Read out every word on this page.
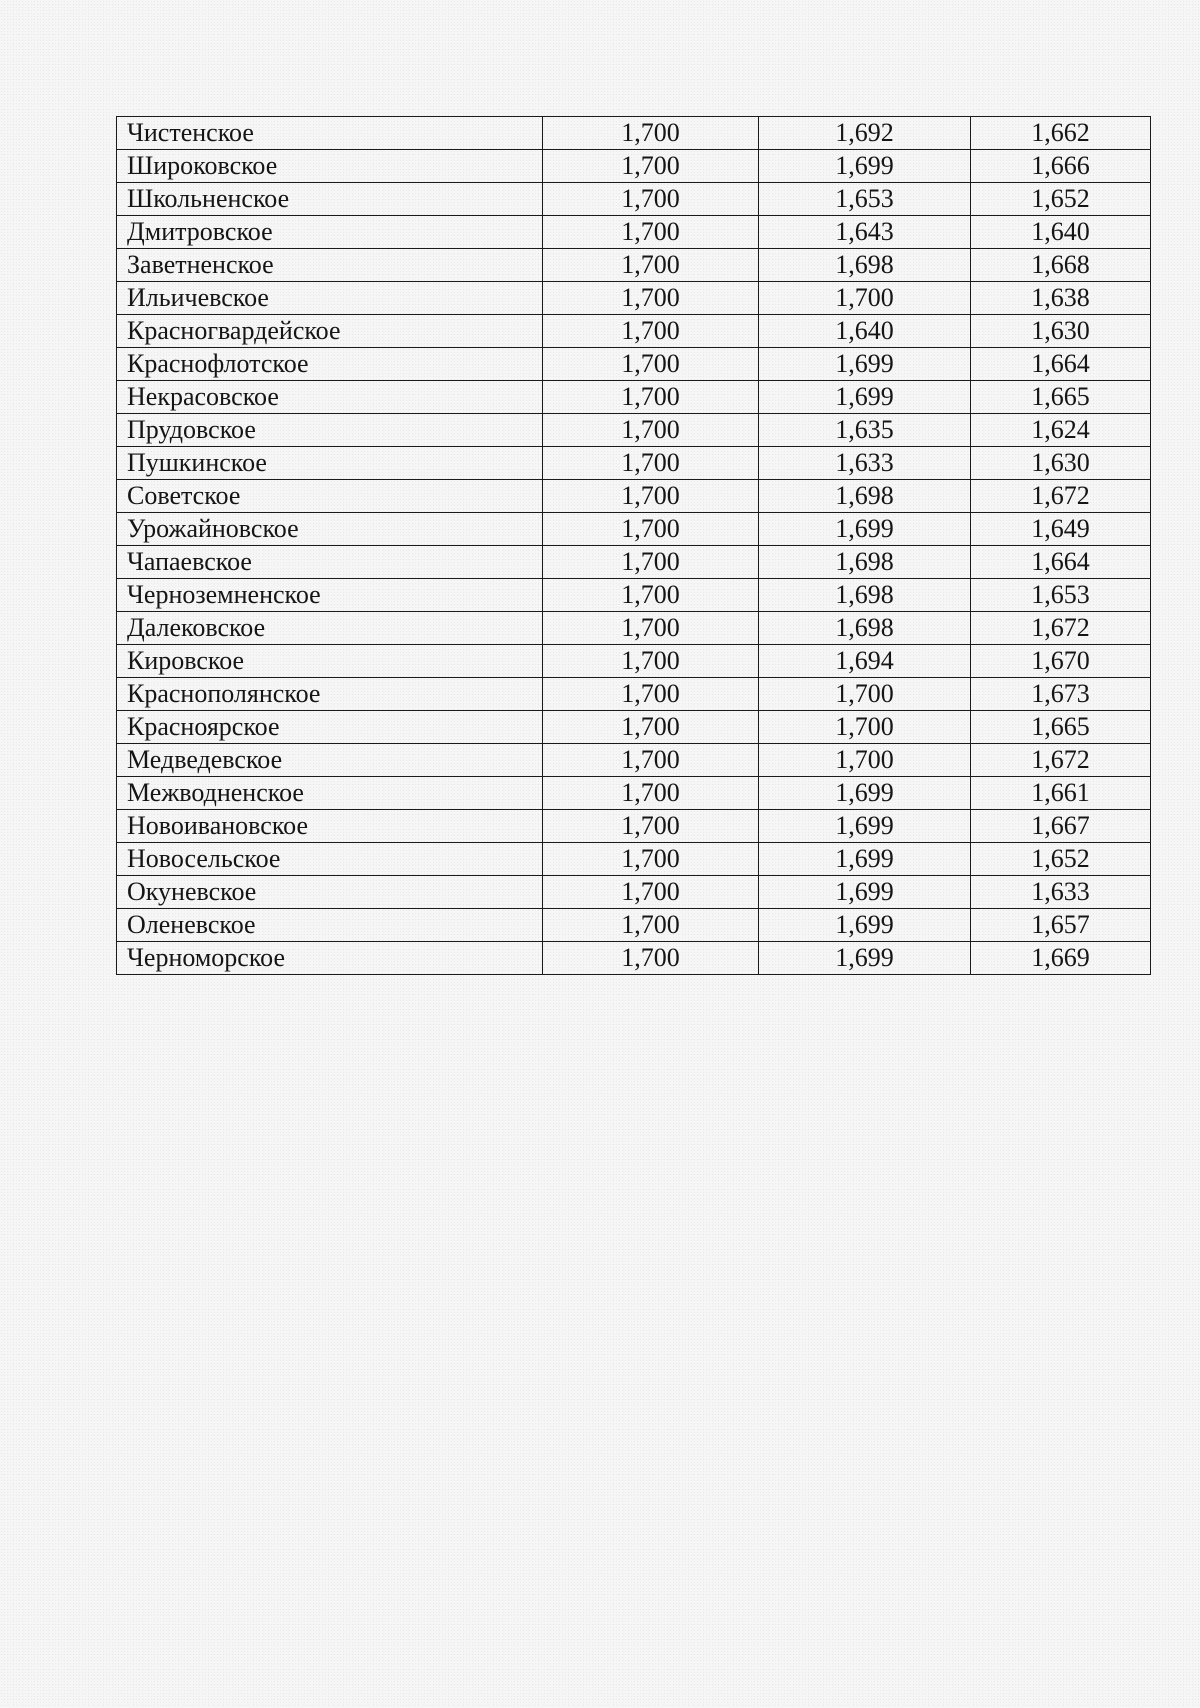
Чистенское	1,700	1,692	1,662
Широковское	1,700	1,699	1,666
Школьненское	1,700	1,653	1,652
Дмитровское	1,700	1,643	1,640
Заветненское	1,700	1,698	1,668
Ильичевское	1,700	1,700	1,638
Красногвардейское	1,700	1,640	1,630
Краснофлотское	1,700	1,699	1,664
Некрасовское	1,700	1,699	1,665
Прудовское	1,700	1,635	1,624
Пушкинское	1,700	1,633	1,630
Советское	1,700	1,698	1,672
Урожайновское	1,700	1,699	1,649
Чапаевское	1,700	1,698	1,664
Черноземненское	1,700	1,698	1,653
Далековское	1,700	1,698	1,672
Кировское	1,700	1,694	1,670
Краснополянское	1,700	1,700	1,673
Красноярское	1,700	1,700	1,665
Медведевское	1,700	1,700	1,672
Межводненское	1,700	1,699	1,661
Новоивановское	1,700	1,699	1,667
Новосельское	1,700	1,699	1,652
Окуневское	1,700	1,699	1,633
Оленевское	1,700	1,699	1,657
Черноморское	1,700	1,699	1,669
